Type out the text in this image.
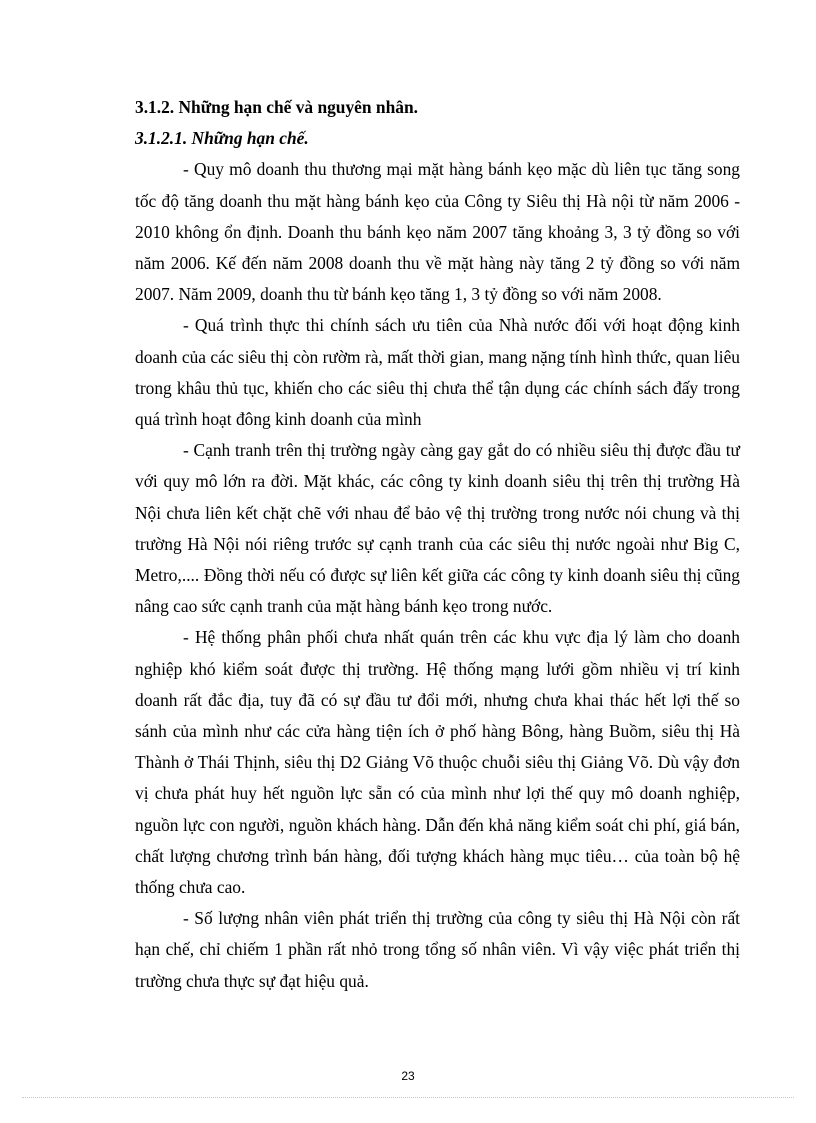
3.1.2. Những hạn chế và nguyên nhân.

3.1.2.1. Những hạn chế.

- Quy mô doanh thu thương mại mặt hàng bánh kẹo mặc dù liên tục tăng song tốc độ tăng doanh thu mặt hàng bánh kẹo của Công ty Siêu thị Hà nội từ năm 2006 - 2010 không ổn định. Doanh thu bánh kẹo năm 2007 tăng khoảng 3, 3 tỷ đồng so với năm 2006. Kế đến năm 2008 doanh thu về mặt hàng này tăng 2 tỷ đồng so với năm 2007. Năm 2009, doanh thu từ bánh kẹo tăng 1, 3 tỷ đồng so với năm 2008.

- Quá trình thực thi chính sách ưu tiên của Nhà nước đối với hoạt động kinh doanh của các siêu thị còn rườm rà, mất thời gian, mang nặng tính hình thức, quan liêu trong khâu thủ tục, khiến cho các siêu thị chưa thể tận dụng các chính sách đấy trong quá trình hoạt đông kinh doanh của mình

- Cạnh tranh trên thị trường ngày càng gay gắt do có nhiều siêu thị được đầu tư với quy mô lớn ra đời. Mặt khác, các công ty kinh doanh siêu thị trên thị trường Hà Nội chưa liên kết chặt chẽ với nhau để bảo vệ thị trường trong nước nói chung và thị trường Hà Nội nói riêng trước sự cạnh tranh của các siêu thị nước ngoài như Big C, Metro,.... Đồng thời nếu có được sự liên kết giữa các công ty kinh doanh siêu thị cũng nâng cao sức cạnh tranh của mặt hàng bánh kẹo trong nước.

- Hệ thống phân phối chưa nhất quán trên các khu vực địa lý làm cho doanh nghiệp khó kiểm soát được thị trường. Hệ thống mạng lưới gồm nhiều vị trí kinh doanh rất đắc địa, tuy đã có sự đầu tư đổi mới, nhưng chưa khai thác hết lợi thế so sánh của mình như các cửa hàng tiện ích ở phố hàng Bông, hàng Buồm, siêu thị Hà Thành ở Thái Thịnh, siêu thị D2 Giảng Võ thuộc chuỗi siêu thị Giảng Võ. Dù vậy đơn vị chưa phát huy hết nguồn lực sẵn có của mình như lợi thế quy mô doanh nghiệp, nguồn lực con người, nguồn khách hàng. Dẫn đến khả năng kiểm soát chi phí, giá bán, chất lượng chương trình bán hàng, đối tượng khách hàng mục tiêu… của toàn bộ hệ thống chưa cao.

- Số lượng nhân viên phát triển thị trường của công ty siêu thị Hà Nội còn rất hạn chế, chỉ chiếm 1 phần rất nhỏ trong tổng số nhân viên. Vì vậy việc phát triển thị trường chưa thực sự đạt hiệu quả.

23
